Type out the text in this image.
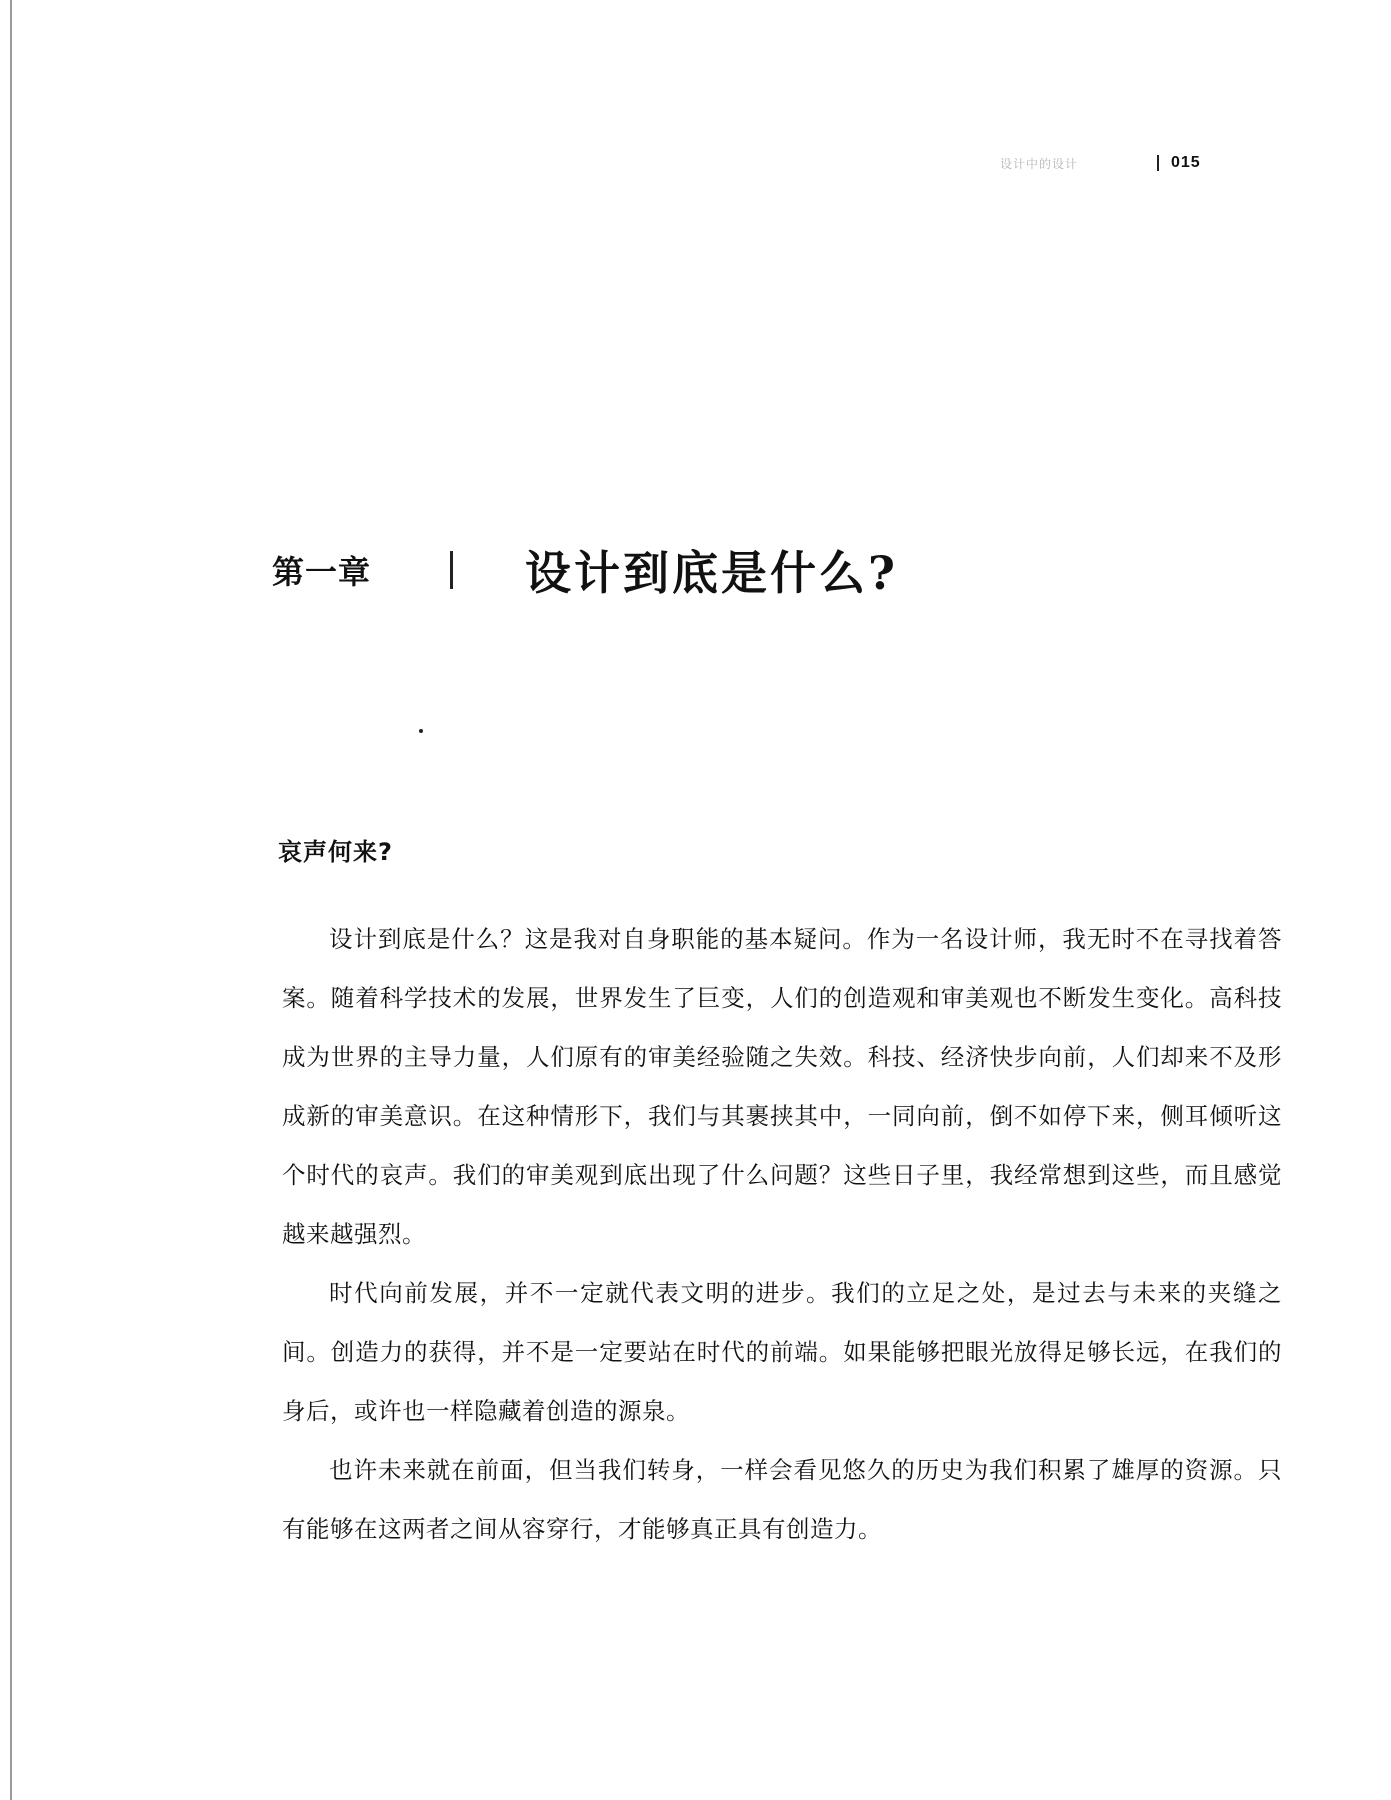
设计中的设计	015
第一章	设计到底是什么?
哀声何来?

设计到底是什么？这是我对自身职能的基本疑问。作为一名设计师，我无时不在寻找着答案。随着科学技术的发展，世界发生了巨变，人们的创造观和审美观也不断发生变化。高科技成为世界的主导力量，人们原有的审美经验随之失效。科技、经济快步向前，人们却来不及形成新的审美意识。在这种情形下，我们与其裹挟其中，一同向前，倒不如停下来，侧耳倾听这个时代的哀声。我们的审美观到底出现了什么问题？这些日子里，我经常想到这些，而且感觉越来越强烈。

时代向前发展，并不一定就代表文明的进步。我们的立足之处，是过去与未来的夹缝之间。创造力的获得，并不是一定要站在时代的前端。如果能够把眼光放得足够长远，在我们的身后，或许也一样隐藏着创造的源泉。

也许未来就在前面，但当我们转身，一样会看见悠久的历史为我们积累了雄厚的资源。只有能够在这两者之间从容穿行，才能够真正具有创造力。
